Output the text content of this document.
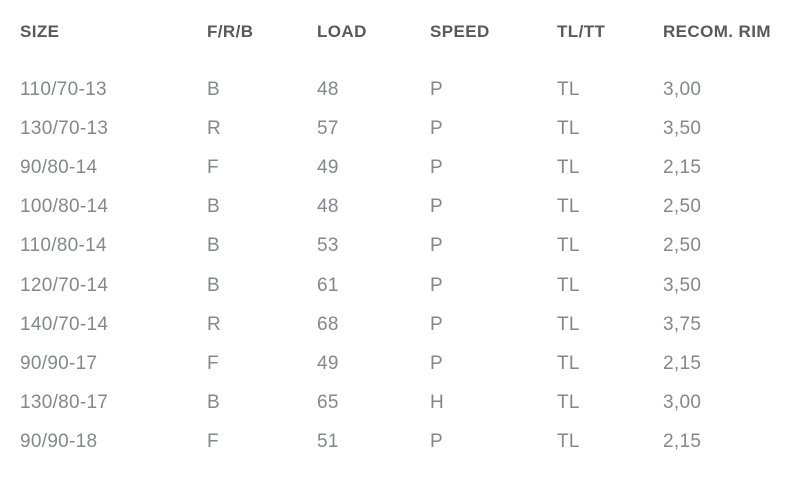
SIZE	F/R/B	LOAD	SPEED	TL/TT	RECOM. RIM
110/70-13	B	48	P	TL	3,00
130/70-13	R	57	P	TL	3,50
90/80-14	F	49	P	TL	2,15
100/80-14	B	48	P	TL	2,50
110/80-14	B	53	P	TL	2,50
120/70-14	B	61	P	TL	3,50
140/70-14	R	68	P	TL	3,75
90/90-17	F	49	P	TL	2,15
130/80-17	B	65	H	TL	3,00
90/90-18	F	51	P	TL	2,15
